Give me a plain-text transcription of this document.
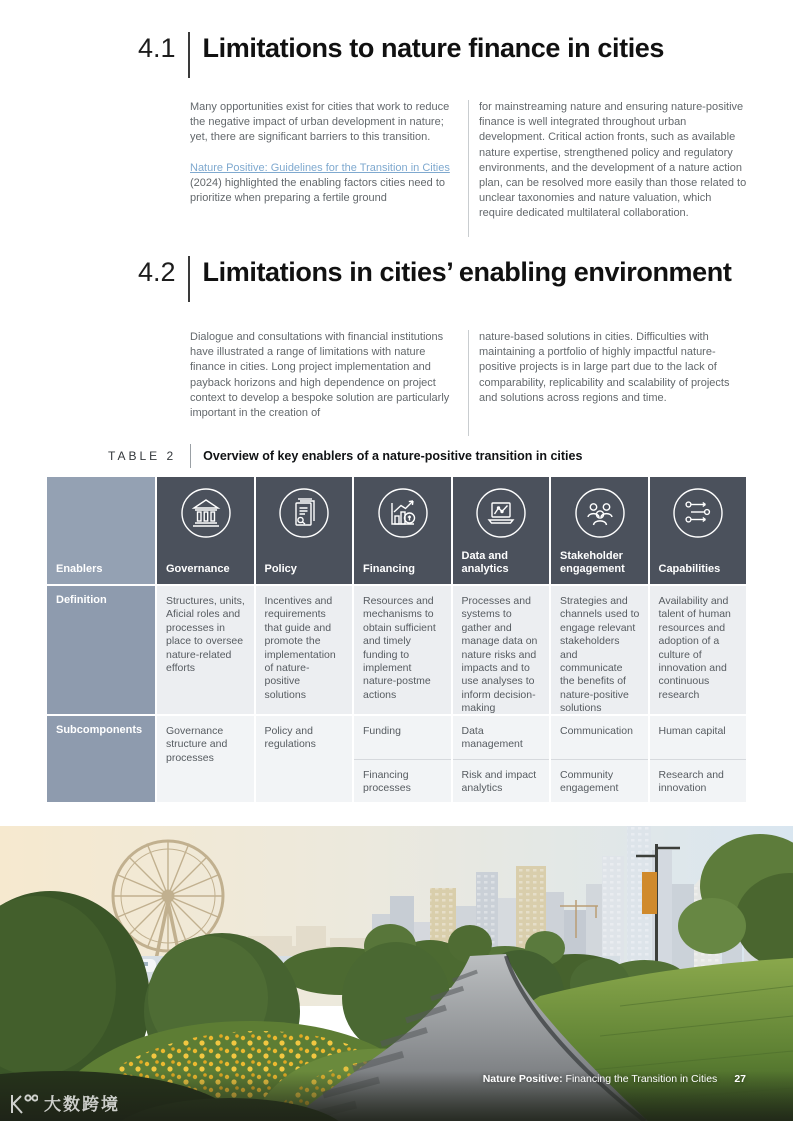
4.1 Limitations to nature finance in cities

Many opportunities exist for cities that work to reduce the negative impact of urban development in nature; yet, there are significant barriers to this transition.

Nature Positive: Guidelines for the Transition in Cities (2024) highlighted the enabling factors cities need to prioritize when preparing a fertile ground

for mainstreaming nature and ensuring nature-positive finance is well integrated throughout urban development. Critical action fronts, such as available nature expertise, strengthened policy and regulatory environments, and the development of a nature action plan, can be resolved more easily than those related to unclear taxonomies and nature valuation, which require dedicated multilateral collaboration.

4.2 Limitations in cities’ enabling environment

Dialogue and consultations with financial institutions have illustrated a range of limitations with nature finance in cities. Long project implementation and payback horizons and high dependence on project context to develop a bespoke solution are particularly important in the creation of

nature-based solutions in cities. Difficulties with maintaining a portfolio of highly impactful nature-positive projects is in large part due to the lack of comparability, replicability and scalability of projects and solutions across regions and time.

TABLE 2 Overview of key enablers of a nature-positive transition in cities
Enablers
Definition
Subcomponents
Governance
Structures, units, Aficial roles and processes in place to oversee nature-related efforts
Governance structure and processes
Policy
Incentives and requirements that guide and promote the implementation of nature-positive solutions
Policy and regulations
Financing
Resources and mechanisms to obtain sufficient and timely funding to implement nature-postme actions
Funding
Financing processes
Data and analytics
Processes and systems to gather and manage data on nature risks and impacts and to use analyses to inform decision-making
Data management
Risk and impact analytics
Stakeholder engagement
Strategies and channels used to engage relevant stakeholders and communicate the benefits of nature-positive solutions
Communication
Community engagement
Capabilities
Availability and talent of human resources and adoption of a culture of innovation and continuous research
Human capital
Research and innovation
Nature Positive: Financing the Transition in Cities 27
大数跨境
